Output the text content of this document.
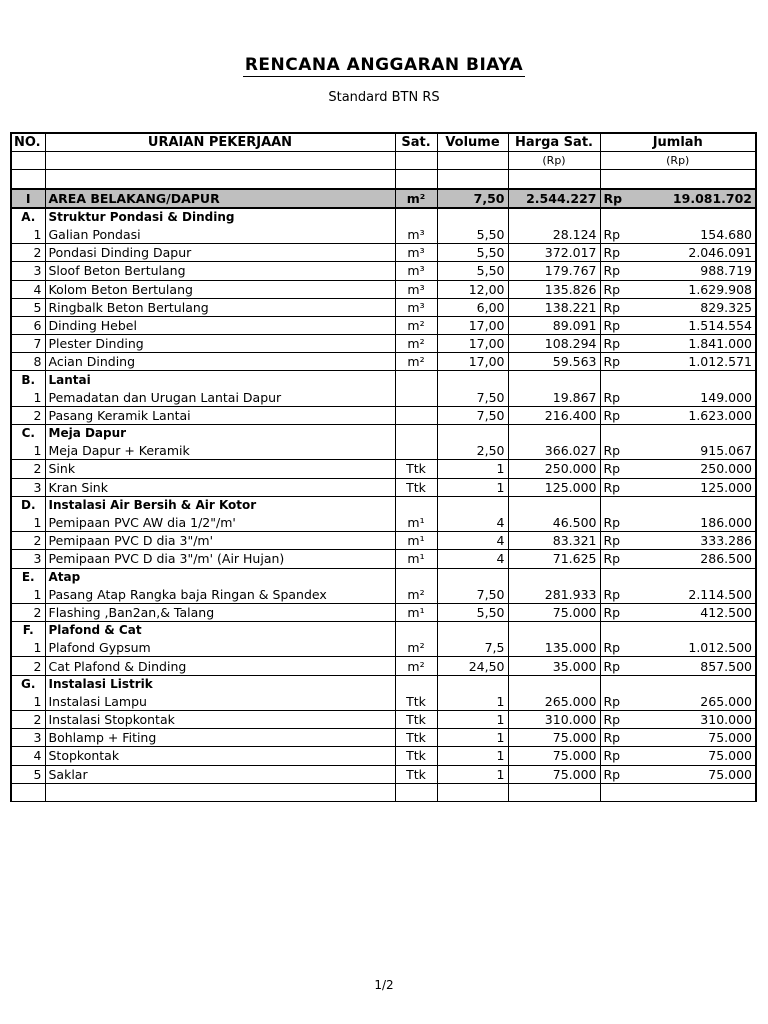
RENCANA ANGGARAN BIAYA
Standard BTN RS
NO.	URAIAN PEKERJAAN	Sat.	Volume	Harga Sat.	Jumlah	
				(Rp)	(Rp)	

I	AREA BELAKANG/DAPUR	m²	7,50	2.544.227	Rp	19.081.702
A.	Struktur Pondasi & Dinding					
1	Galian Pondasi	m³	5,50	28.124	Rp	154.680
2	Pondasi Dinding Dapur	m³	5,50	372.017	Rp	2.046.091
3	Sloof Beton Bertulang	m³	5,50	179.767	Rp	988.719
4	Kolom Beton Bertulang	m³	12,00	135.826	Rp	1.629.908
5	Ringbalk Beton Bertulang	m³	6,00	138.221	Rp	829.325
6	Dinding Hebel	m²	17,00	89.091	Rp	1.514.554
7	Plester Dinding	m²	17,00	108.294	Rp	1.841.000
8	Acian Dinding	m²	17,00	59.563	Rp	1.012.571
B.	Lantai					
1	Pemadatan dan Urugan Lantai Dapur		7,50	19.867	Rp	149.000
2	Pasang Keramik Lantai		7,50	216.400	Rp	1.623.000
C.	Meja Dapur					
1	Meja Dapur + Keramik		2,50	366.027	Rp	915.067
2	Sink	Ttk	1	250.000	Rp	250.000
3	Kran Sink	Ttk	1	125.000	Rp	125.000
D.	Instalasi Air Bersih & Air Kotor					
1	Pemipaan PVC AW dia 1/2"/m'	m¹	4	46.500	Rp	186.000
2	Pemipaan PVC D dia 3"/m'	m¹	4	83.321	Rp	333.286
3	Pemipaan PVC D dia 3"/m' (Air Hujan)	m¹	4	71.625	Rp	286.500
E.	Atap					
1	Pasang Atap Rangka baja Ringan & Spandex	m²	7,50	281.933	Rp	2.114.500
2	Flashing ,Ban2an,& Talang	m¹	5,50	75.000	Rp	412.500
F.	Plafond & Cat					
1	Plafond Gypsum	m²	7,5	135.000	Rp	1.012.500
2	Cat Plafond & Dinding	m²	24,50	35.000	Rp	857.500
G.	Instalasi Listrik					
1	Instalasi Lampu	Ttk	1	265.000	Rp	265.000
2	Instalasi Stopkontak	Ttk	1	310.000	Rp	310.000
3	Bohlamp + Fiting	Ttk	1	75.000	Rp	75.000
4	Stopkontak	Ttk	1	75.000	Rp	75.000
5	Saklar	Ttk	1	75.000	Rp	75.000

1/2
